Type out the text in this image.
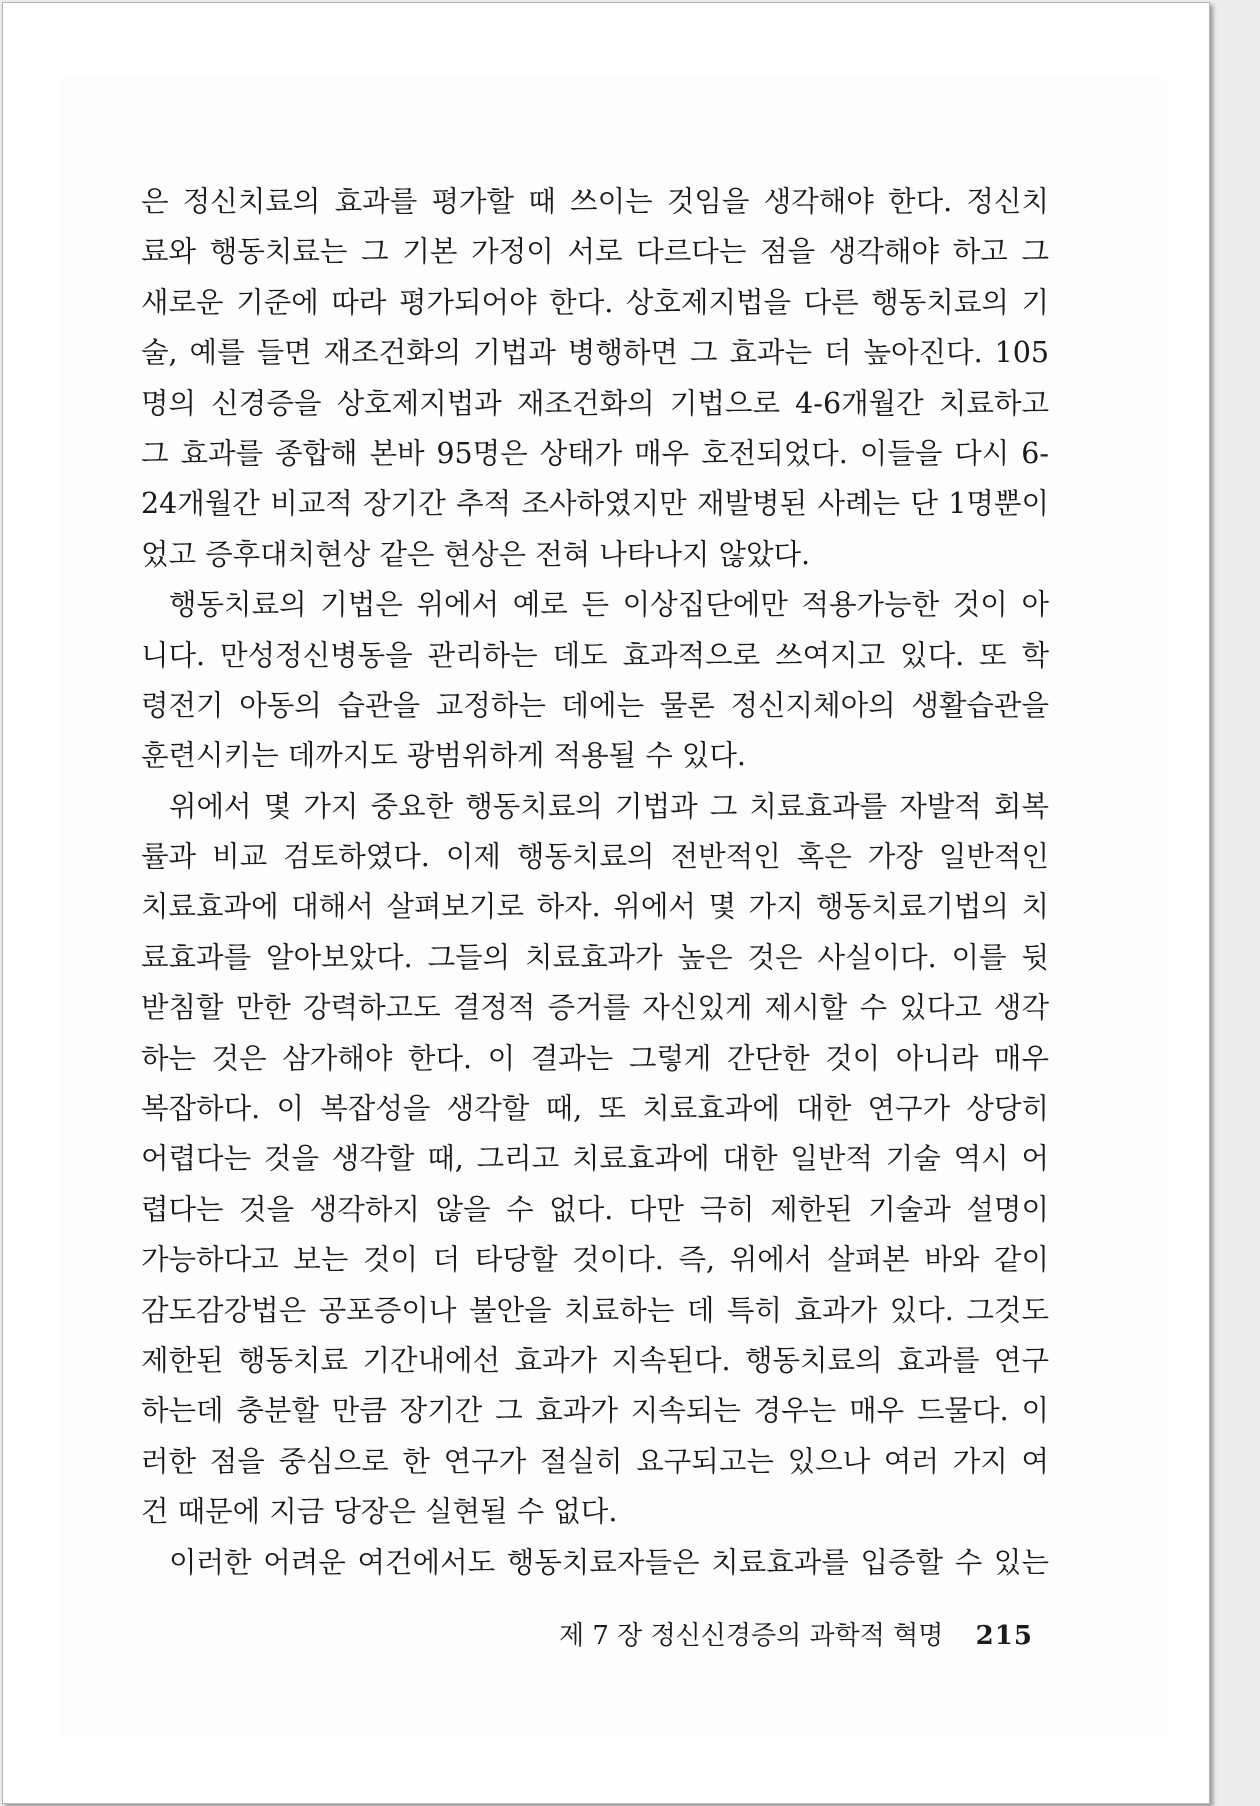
은 정신치료의 효과를 평가할 때 쓰이는 것임을 생각해야 한다. 정신치
료와 행동치료는 그 기본 가정이 서로 다르다는 점을 생각해야 하고 그
새로운 기준에 따라 평가되어야 한다. 상호제지법을 다른 행동치료의 기
술, 예를 들면 재조건화의 기법과 병행하면 그 효과는 더 높아진다. 105
명의 신경증을 상호제지법과 재조건화의 기법으로 4-6개월간 치료하고
그 효과를 종합해 본바 95명은 상태가 매우 호전되었다. 이들을 다시 6-
24개월간 비교적 장기간 추적 조사하였지만 재발병된 사례는 단 1명뿐이
었고 증후대치현상 같은 현상은 전혀 나타나지 않았다.
행동치료의 기법은 위에서 예로 든 이상집단에만 적용가능한 것이 아
니다. 만성정신병동을 관리하는 데도 효과적으로 쓰여지고 있다. 또 학
령전기 아동의 습관을 교정하는 데에는 물론 정신지체아의 생활습관을
훈련시키는 데까지도 광범위하게 적용될 수 있다.
위에서 몇 가지 중요한 행동치료의 기법과 그 치료효과를 자발적 회복
률과 비교 검토하였다. 이제 행동치료의 전반적인 혹은 가장 일반적인
치료효과에 대해서 살펴보기로 하자. 위에서 몇 가지 행동치료기법의 치
료효과를 알아보았다. 그들의 치료효과가 높은 것은 사실이다. 이를 뒷
받침할 만한 강력하고도 결정적 증거를 자신있게 제시할 수 있다고 생각
하는 것은 삼가해야 한다. 이 결과는 그렇게 간단한 것이 아니라 매우
복잡하다. 이 복잡성을 생각할 때, 또 치료효과에 대한 연구가 상당히
어렵다는 것을 생각할 때, 그리고 치료효과에 대한 일반적 기술 역시 어
렵다는 것을 생각하지 않을 수 없다. 다만 극히 제한된 기술과 설명이
가능하다고 보는 것이 더 타당할 것이다. 즉, 위에서 살펴본 바와 같이
감도감강법은 공포증이나 불안을 치료하는 데 특히 효과가 있다. 그것도
제한된 행동치료 기간내에선 효과가 지속된다. 행동치료의 효과를 연구
하는데 충분할 만큼 장기간 그 효과가 지속되는 경우는 매우 드물다. 이
러한 점을 중심으로 한 연구가 절실히 요구되고는 있으나 여러 가지 여
건 때문에 지금 당장은 실현될 수 없다.
이러한 어려운 여건에서도 행동치료자들은 치료효과를 입증할 수 있는
제 7 장 정신신경증의 과학적 혁명 215
